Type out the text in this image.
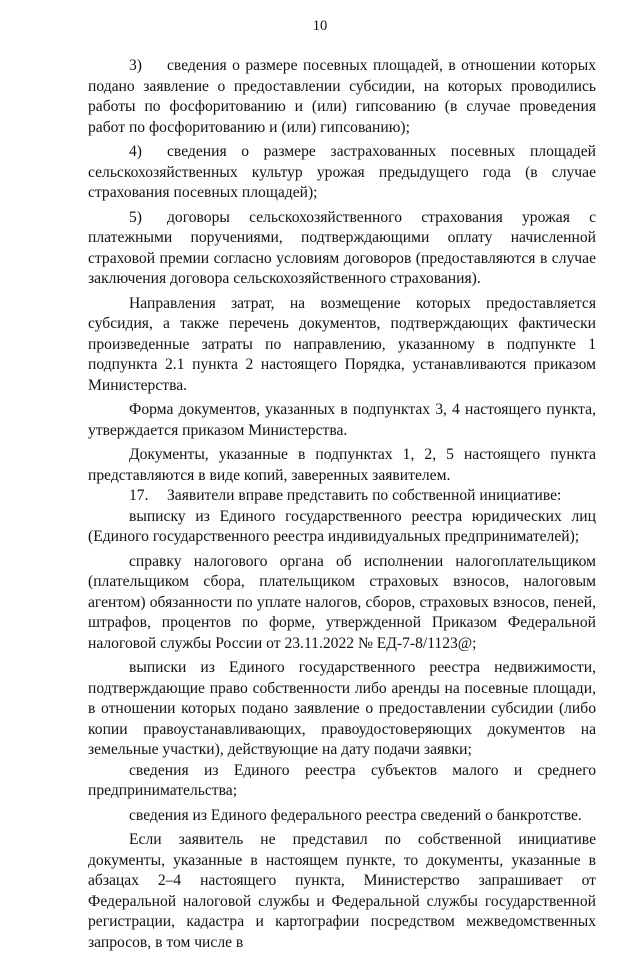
10

3) сведения о размере посевных площадей, в отношении которых подано заявление о предоставлении субсидии, на которых проводились работы по фосфоритованию и (или) гипсованию (в случае проведения работ по фосфоритованию и (или) гипсованию);

4) сведения о размере застрахованных посевных площадей сельскохозяйственных культур урожая предыдущего года (в случае страхования посевных площадей);

5) договоры сельскохозяйственного страхования урожая с платежными поручениями, подтверждающими оплату начисленной страховой премии согласно условиям договоров (предоставляются в случае заключения договора сельскохозяйственного страхования).

Направления затрат, на возмещение которых предоставляется субсидия, а также перечень документов, подтверждающих фактически произведенные затраты по направлению, указанному в подпункте 1 подпункта 2.1 пункта 2 настоящего Порядка, устанавливаются приказом Министерства.

Форма документов, указанных в подпунктах 3, 4 настоящего пункта, утверждается приказом Министерства.

Документы, указанные в подпунктах 1, 2, 5 настоящего пункта представляются в виде копий, заверенных заявителем.

17. Заявители вправе представить по собственной инициативе:

выписку из Единого государственного реестра юридических лиц (Единого государственного реестра индивидуальных предпринимателей);

справку налогового органа об исполнении налогоплательщиком (плательщиком сбора, плательщиком страховых взносов, налоговым агентом) обязанности по уплате налогов, сборов, страховых взносов, пеней, штрафов, процентов по форме, утвержденной Приказом Федеральной налоговой службы России от 23.11.2022 № ЕД-7-8/1123@;

выписки из Единого государственного реестра недвижимости, подтверждающие право собственности либо аренды на посевные площади, в отношении которых подано заявление о предоставлении субсидии (либо копии правоустанавливающих, правоудостоверяющих документов на земельные участки), действующие на дату подачи заявки;

сведения из Единого реестра субъектов малого и среднего предпринимательства;

сведения из Единого федерального реестра сведений о банкротстве.

Если заявитель не представил по собственной инициативе документы, указанные в настоящем пункте, то документы, указанные в абзацах 2–4 настоящего пункта, Министерство запрашивает от Федеральной налоговой службы и Федеральной службы государственной регистрации, кадастра и картографии посредством межведомственных запросов, в том числе в
